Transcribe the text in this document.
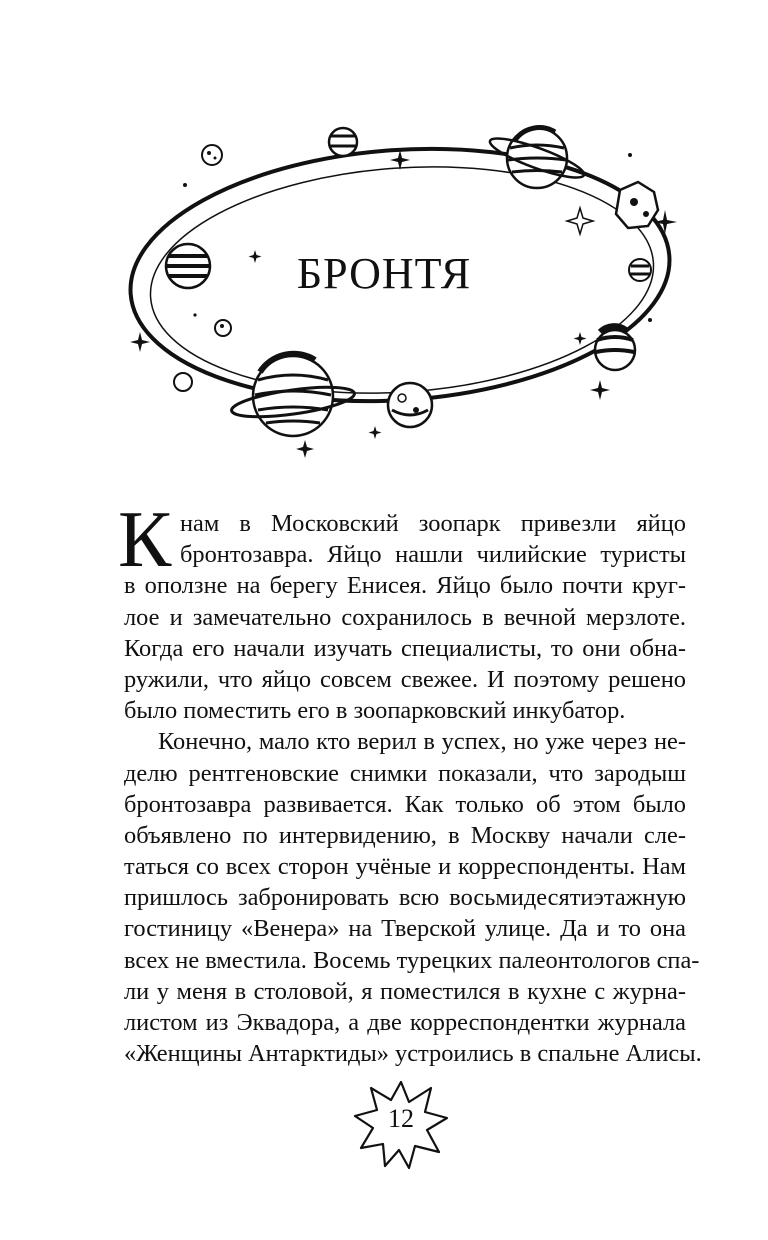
БРОНТЯ
К нам в Московский зоопарк привезли яйцо
бронтозавра. Яйцо нашли чилийские туристы
в оползне на берегу Енисея. Яйцо было почти круг-
лое и замечательно сохранилось в вечной мерзлоте.
Когда его начали изучать специалисты, то они обна-
ружили, что яйцо совсем свежее. И поэтому решено
было поместить его в зоопарковский инкубатор.
Конечно, мало кто верил в успех, но уже через не-
делю рентгеновские снимки показали, что зародыш
бронтозавра развивается. Как только об этом было
объявлено по интервидению, в Москву начали сле-
таться со всех сторон учёные и корреспонденты. Нам
пришлось забронировать всю восьмидесятиэтажную
гостиницу «Венера» на Тверской улице. Да и то она
всех не вместила. Восемь турецких палеонтологов спа-
ли у меня в столовой, я поместился в кухне с журна-
листом из Эквадора, а две корреспондентки журнала
«Женщины Антарктиды» устроились в спальне Алисы.
12
